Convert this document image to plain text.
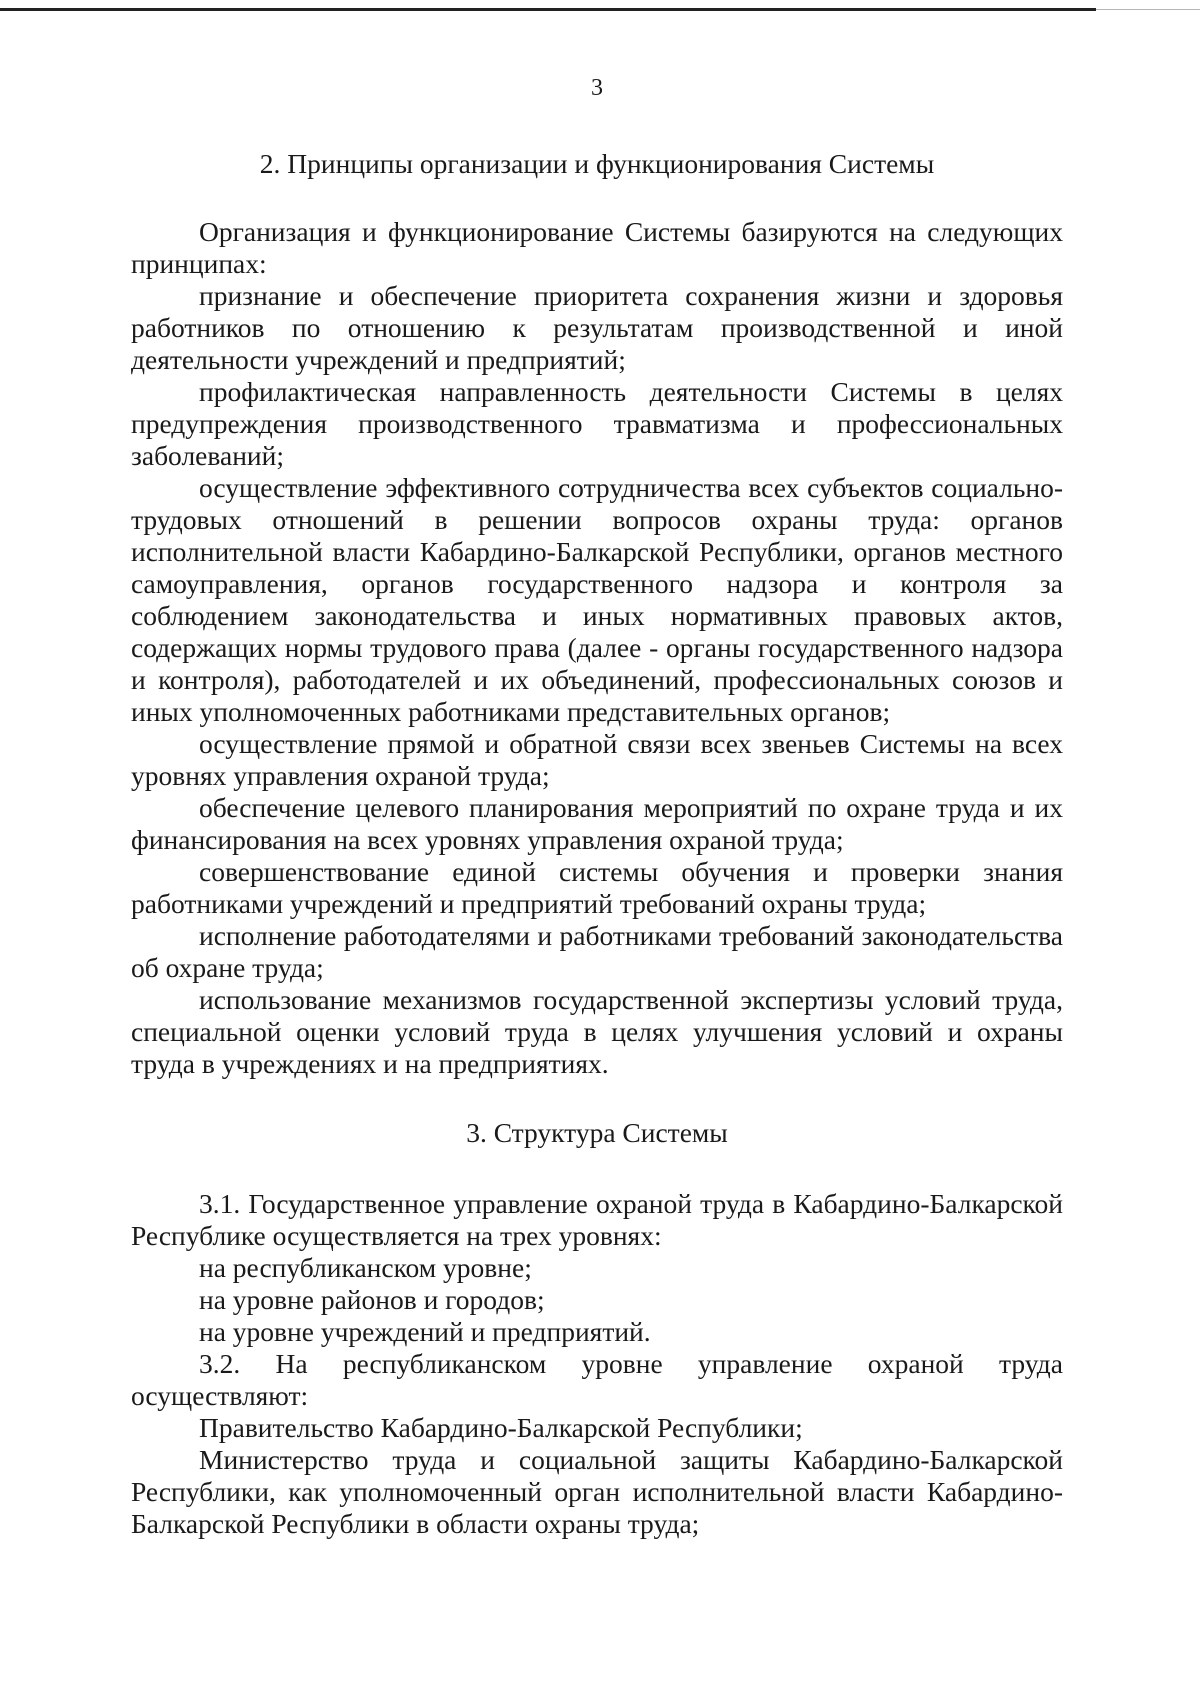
3
2. Принципы организации и функционирования Системы

Организация и функционирование Системы базируются на следующих принципах:

признание и обеспечение приоритета сохранения жизни и здоровья работников по отношению к результатам производственной и иной деятельности учреждений и предприятий;

профилактическая направленность деятельности Системы в целях предупреждения производственного травматизма и профессиональных заболеваний;

осуществление эффективного сотрудничества всех субъектов социально-трудовых отношений в решении вопросов охраны труда: органов исполнительной власти Кабардино-Балкарской Республики, органов местного самоуправления, органов государственного надзора и контроля за соблюдением законодательства и иных нормативных правовых актов, содержащих нормы трудового права (далее - органы государственного надзора и контроля), работодателей и их объединений, профессиональных союзов и иных уполномоченных работниками представительных органов;

осуществление прямой и обратной связи всех звеньев Системы на всех уровнях управления охраной труда;

обеспечение целевого планирования мероприятий по охране труда и их финансирования на всех уровнях управления охраной труда;

совершенствование единой системы обучения и проверки знания работниками учреждений и предприятий требований охраны труда;

исполнение работодателями и работниками требований законодательства об охране труда;

использование механизмов государственной экспертизы условий труда, специальной оценки условий труда в целях улучшения условий и охраны труда в учреждениях и на предприятиях.

3. Структура Системы

3.1. Государственное управление охраной труда в Кабардино-Балкарской Республике осуществляется на трех уровнях:

на республиканском уровне;

на уровне районов и городов;

на уровне учреждений и предприятий.

3.2. На республиканском уровне управление охраной труда осуществляют:

Правительство Кабардино-Балкарской Республики;

Министерство труда и социальной защиты Кабардино-Балкарской Республики, как уполномоченный орган исполнительной власти Кабардино-Балкарской Республики в области охраны труда;
